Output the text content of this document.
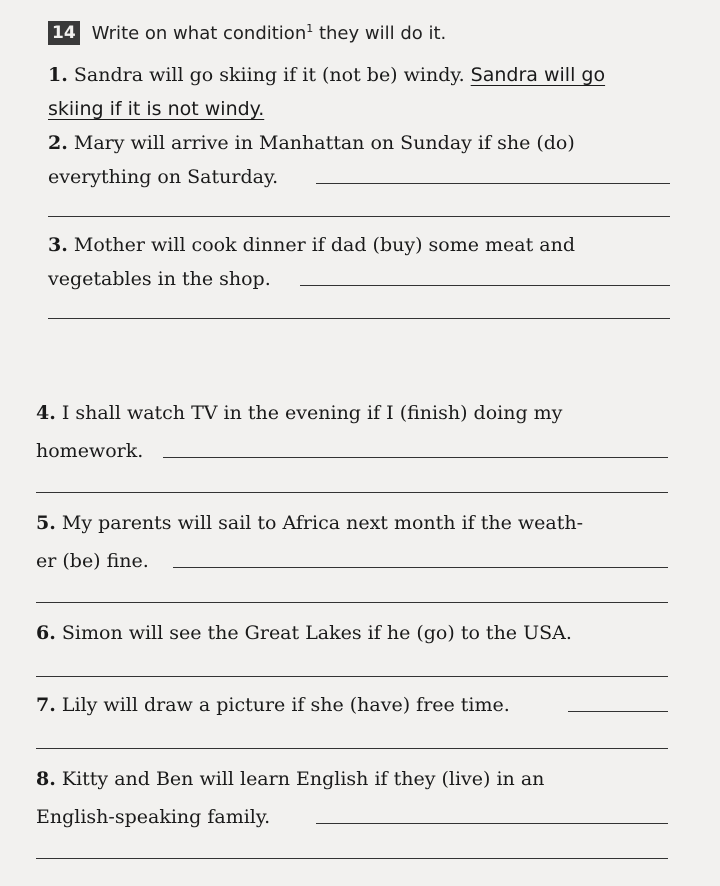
14 Write on what condition$^1$ they will do it.
1. Sandra will go skiing if it (not be) windy. Sandra will go
skiing if it is not windy.
2. Mary will arrive in Manhattan on Sunday if she (do)
everything on Saturday.
3. Mother will cook dinner if dad (buy) some meat and
vegetables in the shop.
4. I shall watch TV in the evening if I (finish) doing my
homework.
5. My parents will sail to Africa next month if the weath-
er (be) fine.
6. Simon will see the Great Lakes if he (go) to the USA.
7. Lily will draw a picture if she (have) free time.
8. Kitty and Ben will learn English if they (live) in an
English-speaking family.
